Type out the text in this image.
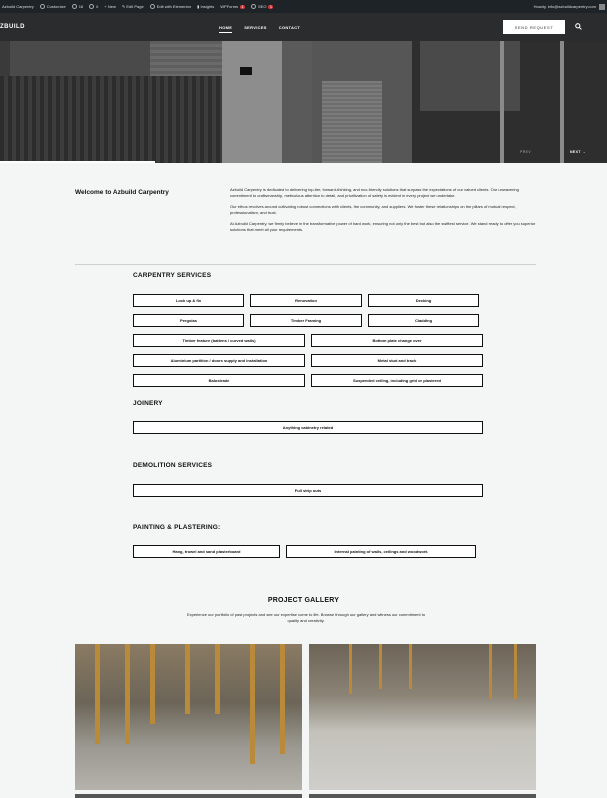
Azbuild Carpentry	Customize	16	0 + New ✎ Edit Page	Edit with Elementor ▮ Insights WPForms	1	SEO	1	Howdy, info@azbuildcarpentry.com
ZBUILD	HOME	SERVICES	CONTACT	SEND REQUEST
PREV	NEXT →
Welcome to Azbuild Carpentry	Azbuild Carpentry is dedicated to delivering top-tier, forward-thinking, and eco-friendly solutions that surpass the expectations of our valued clients. Our unwavering commitment to craftsmanship, meticulous attention to detail, and prioritization of safety is evident in every project we undertake.

Our ethos revolves around cultivating robust connections with clients, the community, and suppliers. We foster these relationships on the pillars of mutual respect, professionalism, and trust.

At Azbuild Carpentry, we firmly believe in the transformative power of hard work, ensuring not only the best but also the swiftest service. We stand ready to offer you superior solutions that meet all your requirements.

CARPENTRY SERVICES
Lock up & fix	Renovation	Decking
Pergolas	Timber Framing	Cladding
Timber feature (battens / curved walls)	Bottom plate change over
Aluminium partition / doors supply and installation	Metal stud and track
Balustrade	Suspended ceiling, including grid or plastered
JOINERY
Anything cabinetry related
DEMOLITION SERVICES
Full strip outs
PAINTING & PLASTERING:
Hang, trowel and sand plasterboard	Internal painting of walls, ceilings and woodwork
PROJECT GALLERY
Experience our portfolio of past projects and see our expertise come to life. Browse through our gallery and witness our commitment to quality and creativity.
